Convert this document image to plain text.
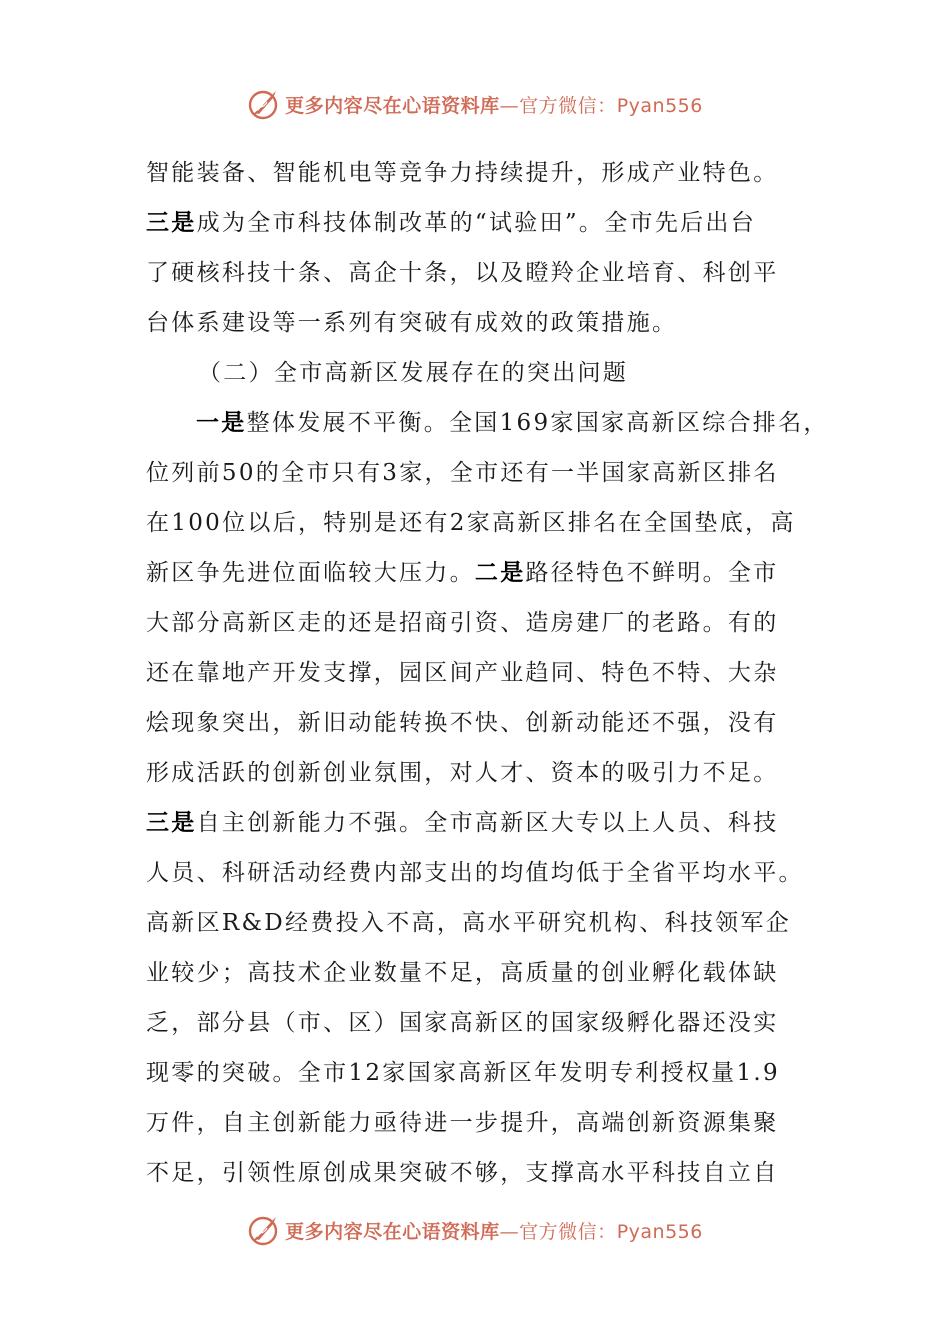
更多内容尽在心语资料库—官方微信：Pyan556
智能装备、智能机电等竞争力持续提升，形成产业特色。
三是成为全市科技体制改革的“试验田”。全市先后出台
了硬核科技十条、高企十条，以及瞪羚企业培育、科创平
台体系建设等一系列有突破有成效的政策措施。
（二）全市高新区发展存在的突出问题
一是整体发展不平衡。全国169家国家高新区综合排名，
位列前50的全市只有3家，全市还有一半国家高新区排名
在100位以后，特别是还有2家高新区排名在全国垫底，高
新区争先进位面临较大压力。二是路径特色不鲜明。全市
大部分高新区走的还是招商引资、造房建厂的老路。有的
还在靠地产开发支撑，园区间产业趋同、特色不特、大杂
烩现象突出，新旧动能转换不快、创新动能还不强，没有
形成活跃的创新创业氛围，对人才、资本的吸引力不足。
三是自主创新能力不强。全市高新区大专以上人员、科技
人员、科研活动经费内部支出的均值均低于全省平均水平。
高新区R&D经费投入不高，高水平研究机构、科技领军企
业较少；高技术企业数量不足，高质量的创业孵化载体缺
乏，部分县（市、区）国家高新区的国家级孵化器还没实
现零的突破。全市12家国家高新区年发明专利授权量1.9
万件，自主创新能力亟待进一步提升，高端创新资源集聚
不足，引领性原创成果突破不够，支撑高水平科技自立自
更多内容尽在心语资料库—官方微信：Pyan556
